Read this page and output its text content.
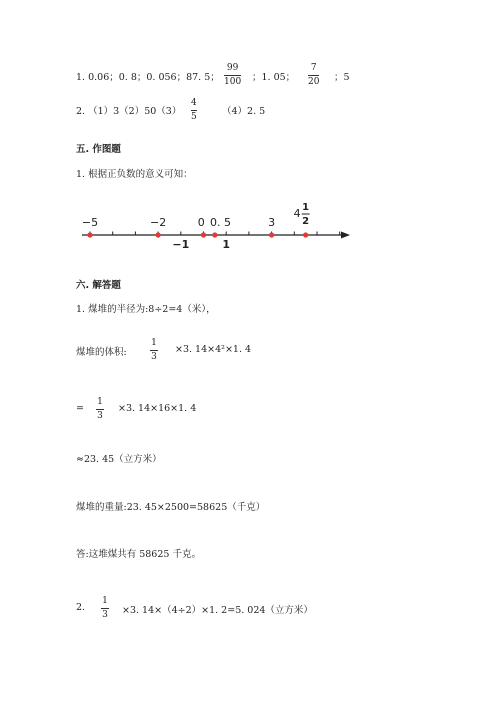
1. 0.06；0. 8；0. 056；87. 5；
99
100 ；1. 05；
7
20 ；5
2. （1）3（2）50（3）
4
5	（4）2. 5
五. 作图题
1. 根据正负数的意义可知：
−5	−2	0 0. 5	3
4 1
2
−1	1
六. 解答题
1. 煤堆的半径为:8÷2=4（米），
煤堆的体积:
1
3
×3. 14×4²×1. 4
=
1
3
×3. 14×16×1. 4
≈23. 45（立方米）
煤堆的重量:23. 45×2500=58625（千克）
答:这堆煤共有 58625 千克。
2.
1
3 ×3. 14×（4÷2）×1. 2=5. 024（立方米）
